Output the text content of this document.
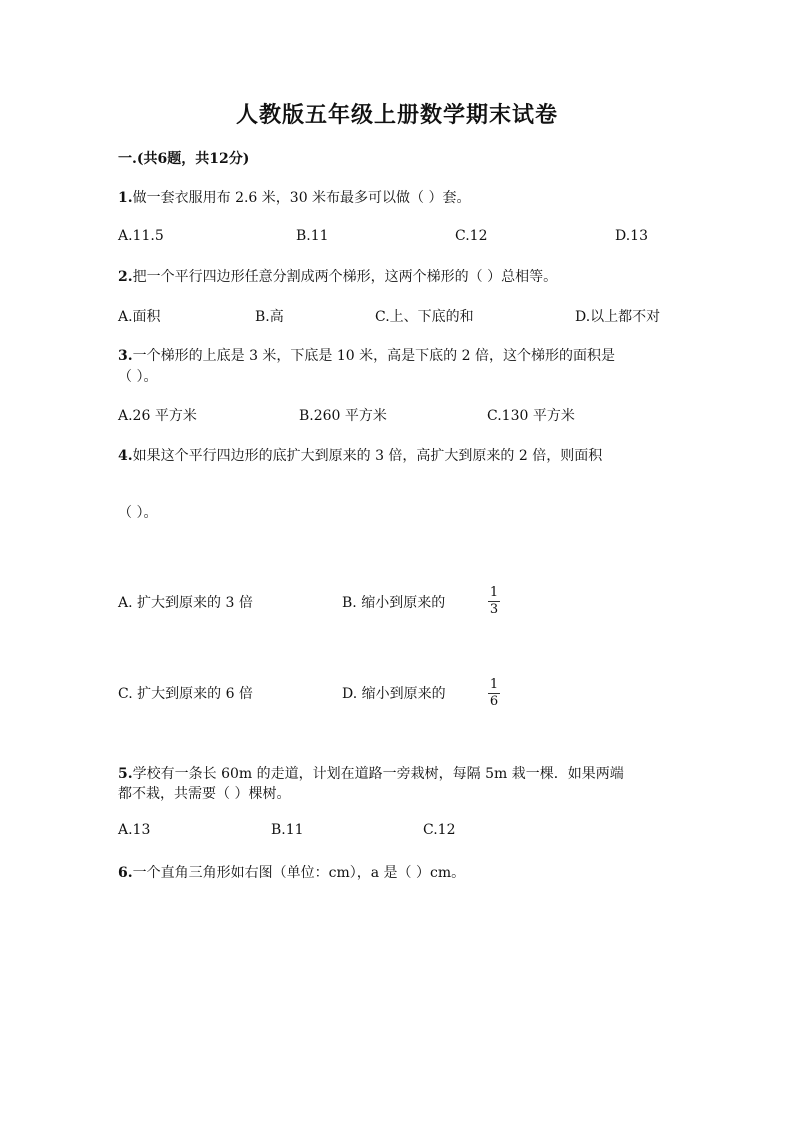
人教版五年级上册数学期末试卷
一.(共6题，共12分)
1.做一套衣服用布 2.6 米，30 米布最多可以做（ ）套。
A.11.5	B.11	C.12	D.13
2.把一个平行四边形任意分割成两个梯形，这两个梯形的（ ）总相等。
A.面积	B.高	C.上、下底的和	D.以上都不对
3.一个梯形的上底是 3 米，下底是 10 米，高是下底的 2 倍，这个梯形的面积是
（ ）。
A.26 平方米	B.260 平方米	C.130 平方米
4.如果这个平行四边形的底扩大到原来的 3 倍，高扩大到原来的 2 倍，则面积
（ ）。
A. 扩大到原来的 3 倍	B. 缩小到原来的
1
3
C. 扩大到原来的 6 倍	D. 缩小到原来的
1
6
5.学校有一条长 60m 的走道，计划在道路一旁栽树，每隔 5m 栽一棵．如果两端
都不栽，共需要（ ）棵树。
A.13	B.11	C.12
6.一个直角三角形如右图（单位：cm），a 是（ ）cm。
